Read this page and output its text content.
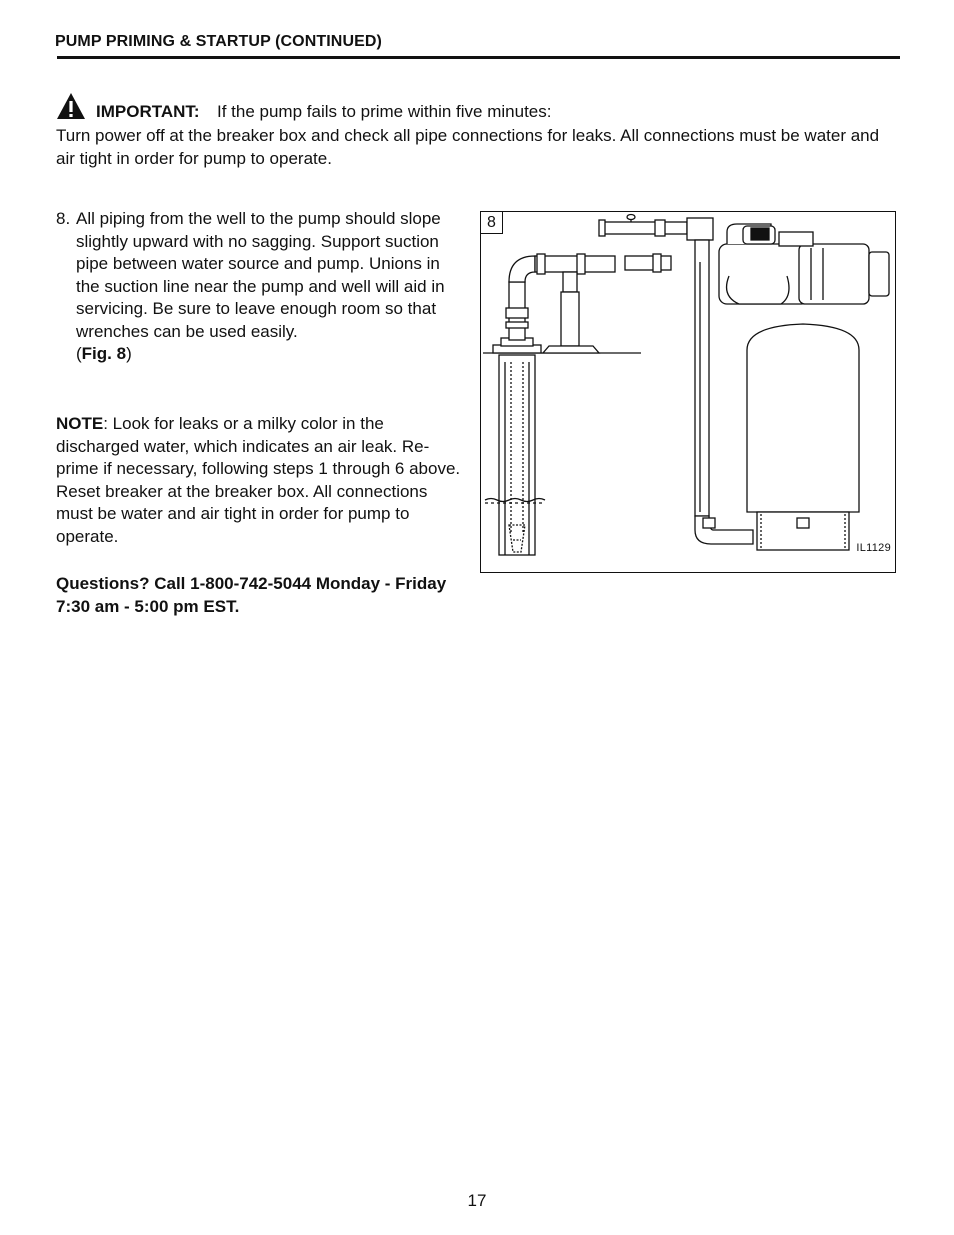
PUMP PRIMING & STARTUP (CONTINUED)
IMPORTANT: If the pump fails to prime within five minutes:

Turn power off at the breaker box and check all pipe connections for leaks. All connections must be water and air tight in order for pump to operate.

8. All piping from the well to the pump should slope slightly upward with no sagging. Support suction pipe between water source and pump. Unions in the suction line near the pump and well will aid in servicing. Be sure to leave enough room so that wrenches can be used easily.

(Fig. 8)

NOTE: Look for leaks or a milky color in the discharged water, which indicates an air leak. Re-prime if necessary, following steps 1 through 6 above. Reset breaker at the breaker box. All connections must be water and air tight in order for pump to operate.

Questions? Call 1-800-742-5044 Monday - Friday 7:30 am - 5:00 pm EST.

8
IL1129
17
